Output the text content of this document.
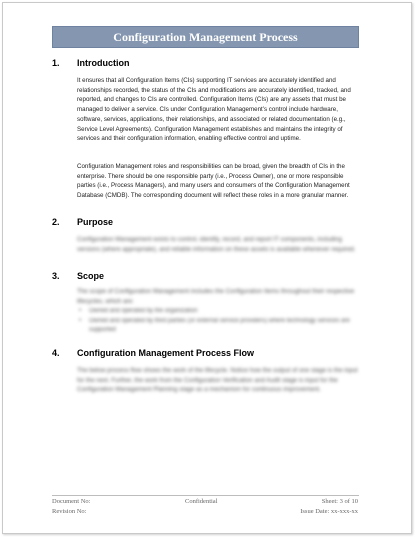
Configuration Management Process
1. Introduction

It ensures that all Configuration Items (CIs) supporting IT services are accurately identified and relationships recorded, the status of the CIs and modifications are accurately identified, tracked, and reported, and changes to CIs are controlled. Configuration Items (CIs) are any assets that must be managed to deliver a service. CIs under Configuration Management’s control include hardware, software, services, applications, their relationships, and associated or related documentation (e.g., Service Level Agreements). Configuration Management establishes and maintains the integrity of services and their configuration information, enabling effective control and uptime.

Configuration Management roles and responsibilities can be broad, given the breadth of CIs in the enterprise. There should be one responsible party (i.e., Process Owner), one or more responsible parties (i.e., Process Managers), and many users and consumers of the Configuration Management Database (CMDB). The corresponding document will reflect these roles in a more granular manner.

2. Purpose

Configuration Management exists to control, identify, record, and report IT components, including versions (where appropriate), and reliable information on these assets is available whenever required.

3. Scope

The scope of Configuration Management includes the Configuration Items throughout their respective lifecycles, which are:

• Owned and operated by the organization
• Owned and operated by third parties (or external service providers) where technology services are supported
4. Configuration Management Process Flow

The below process flow shows the work of the lifecycle. Notice how the output of one stage is the input for the next. Further, the work from the Configuration Verification and Audit stage is input for the Configuration Management Planning stage as a mechanism for continuous improvement.

Document No:
Revision No:
Confidential	Sheet: 3 of 10
Issue Date: xx-xxx-xx
